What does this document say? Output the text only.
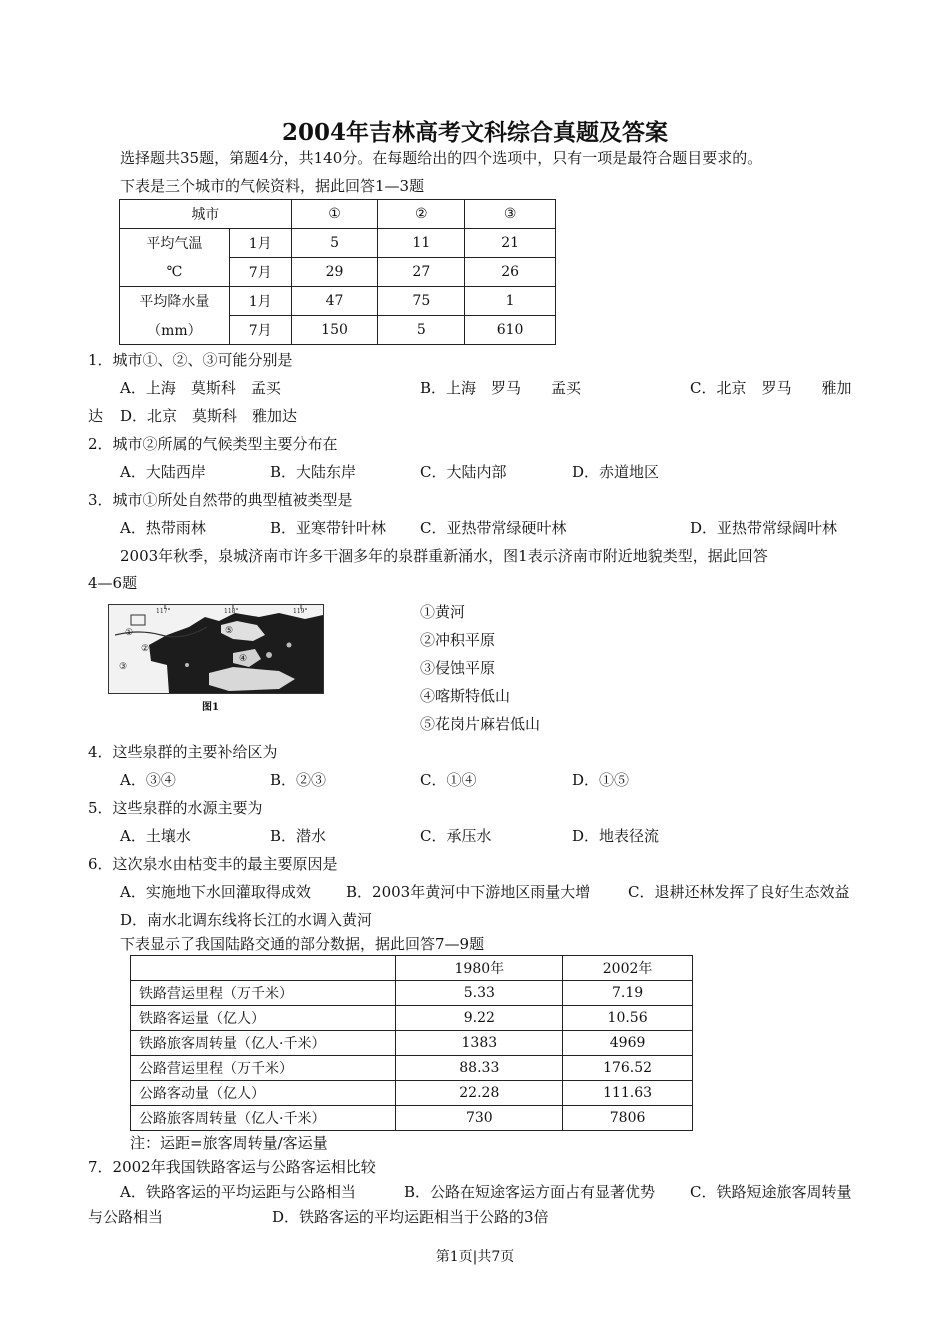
2004年吉林高考文科综合真题及答案
选择题共35题，第题4分，共140分。在每题给出的四个选项中，只有一项是最符合题目要求的。
下表是三个城市的气候资料，据此回答1—3题
城市		①	②	③
平均气温	1月	5	11	21
℃	7月	29	27	26
平均降水量	1月	47	75	1
（mm）	7月	150	5	610
1．城市①、②、③可能分别是
A．上海　莫斯科　孟买	B．上海　罗马　　孟买	C．北京　罗马　　雅加
达 D．北京　莫斯科　雅加达
2．城市②所属的气候类型主要分布在
A．大陆西岸	B．大陆东岸	C．大陆内部	D．赤道地区
3．城市①所处自然带的典型植被类型是
A．热带雨林	B．亚寒带针叶林 C．亚热带常绿硬叶林	D．亚热带常绿阔叶林
2003年秋季，泉城济南市许多干涸多年的泉群重新涌水，图1表示济南市附近地貌类型，据此回答
4—6题
117°	118°	119°
①
②
③
④
⑤
图1
①黄河
②冲积平原
③侵蚀平原
④喀斯特低山
⑤花岗片麻岩低山
4．这些泉群的主要补给区为
A．③④	B．②③	C．①④	D．①⑤
5．这些泉群的水源主要为
A．土壤水	B．潜水	C．承压水	D．地表径流
6．这次泉水由枯变丰的最主要原因是
A．实施地下水回灌取得成效 B．2003年黄河中下游地区雨量大增	C．退耕还林发挥了良好生态效益
D．南水北调东线将长江的水调入黄河
下表显示了我国陆路交通的部分数据，据此回答7—9题
	1980年	2002年
铁路营运里程（万千米）	5.33	7.19
铁路客运量（亿人）	9.22	10.56
铁路旅客周转量（亿人·千米）	1383	4969
公路营运里程（万千米）	88.33	176.52
公路客动量（亿人）	22.28	111.63
公路旅客周转量（亿人·千米）	730	7806
注：运距=旅客周转量/客运量
7．2002年我国铁路客运与公路客运相比较
A．铁路客运的平均运距与公路相当	B．公路在短途客运方面占有显著优势 C．铁路短途旅客周转量
与公路相当	D．铁路客运的平均运距相当于公路的3倍
第1页|共7页
